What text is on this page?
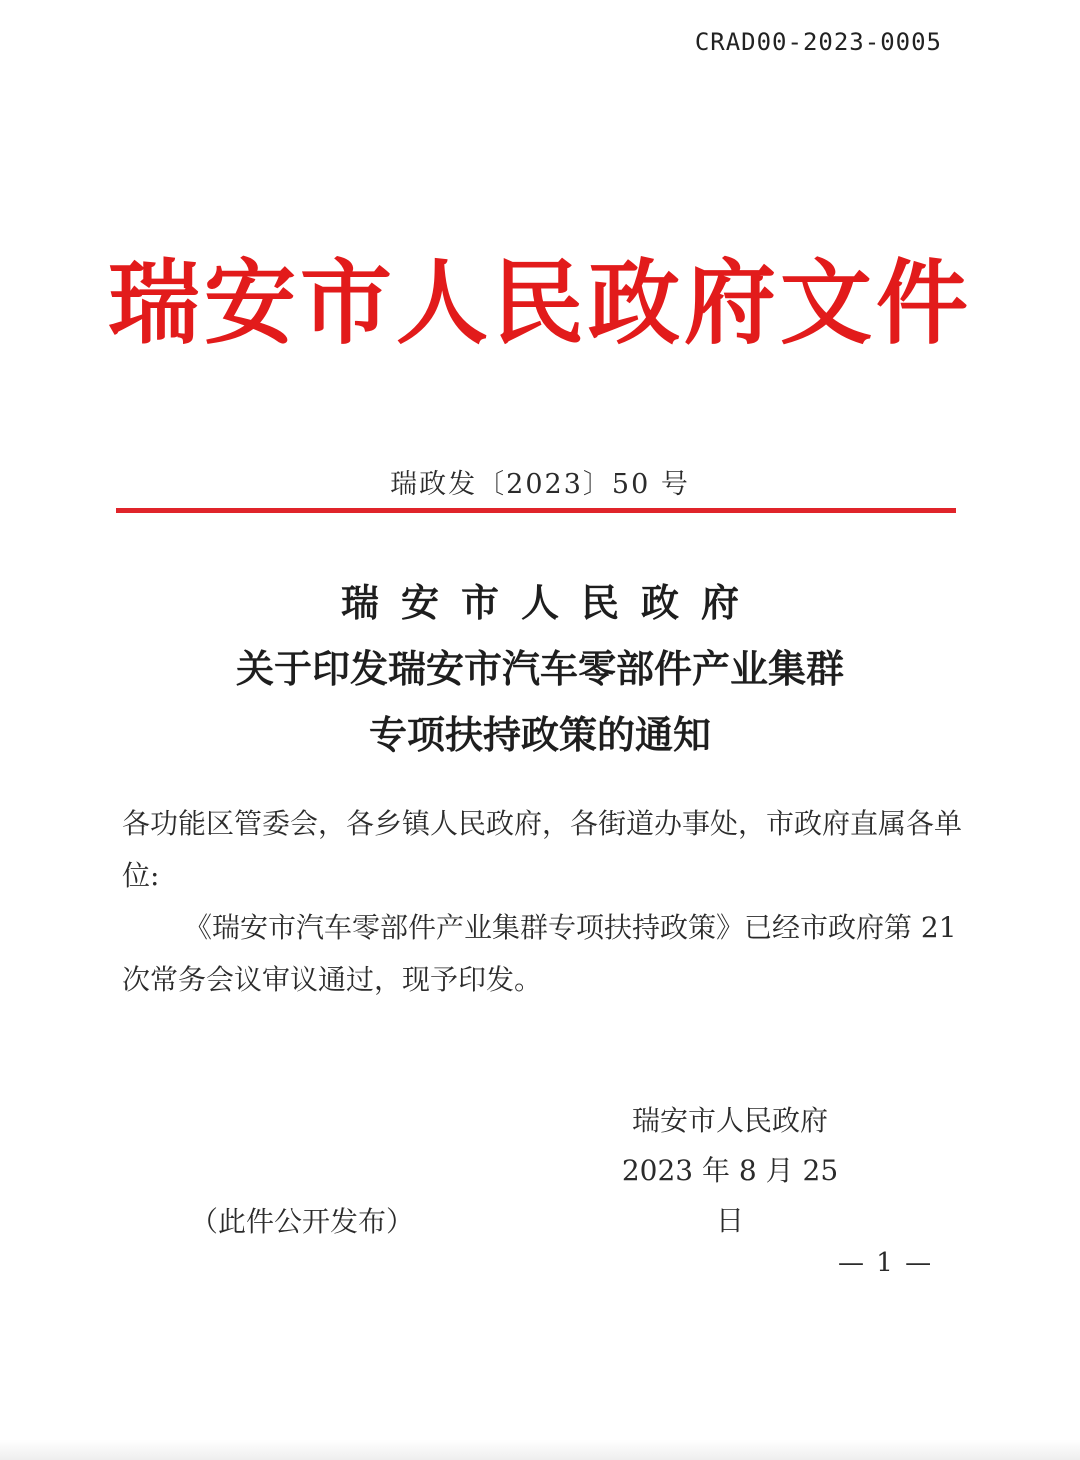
CRAD00-2023-0005
瑞安市人民政府文件
瑞政发〔2023〕50 号
瑞安市人民政府
关于印发瑞安市汽车零部件产业集群
专项扶持政策的通知

各功能区管委会，各乡镇人民政府，各街道办事处，市政府直属各单位:

《瑞安市汽车零部件产业集群专项扶持政策》已经市政府第 21 次常务会议审议通过，现予印发。

瑞安市人民政府
2023 年 8 月 25 日
（此件公开发布）
— 1 —
